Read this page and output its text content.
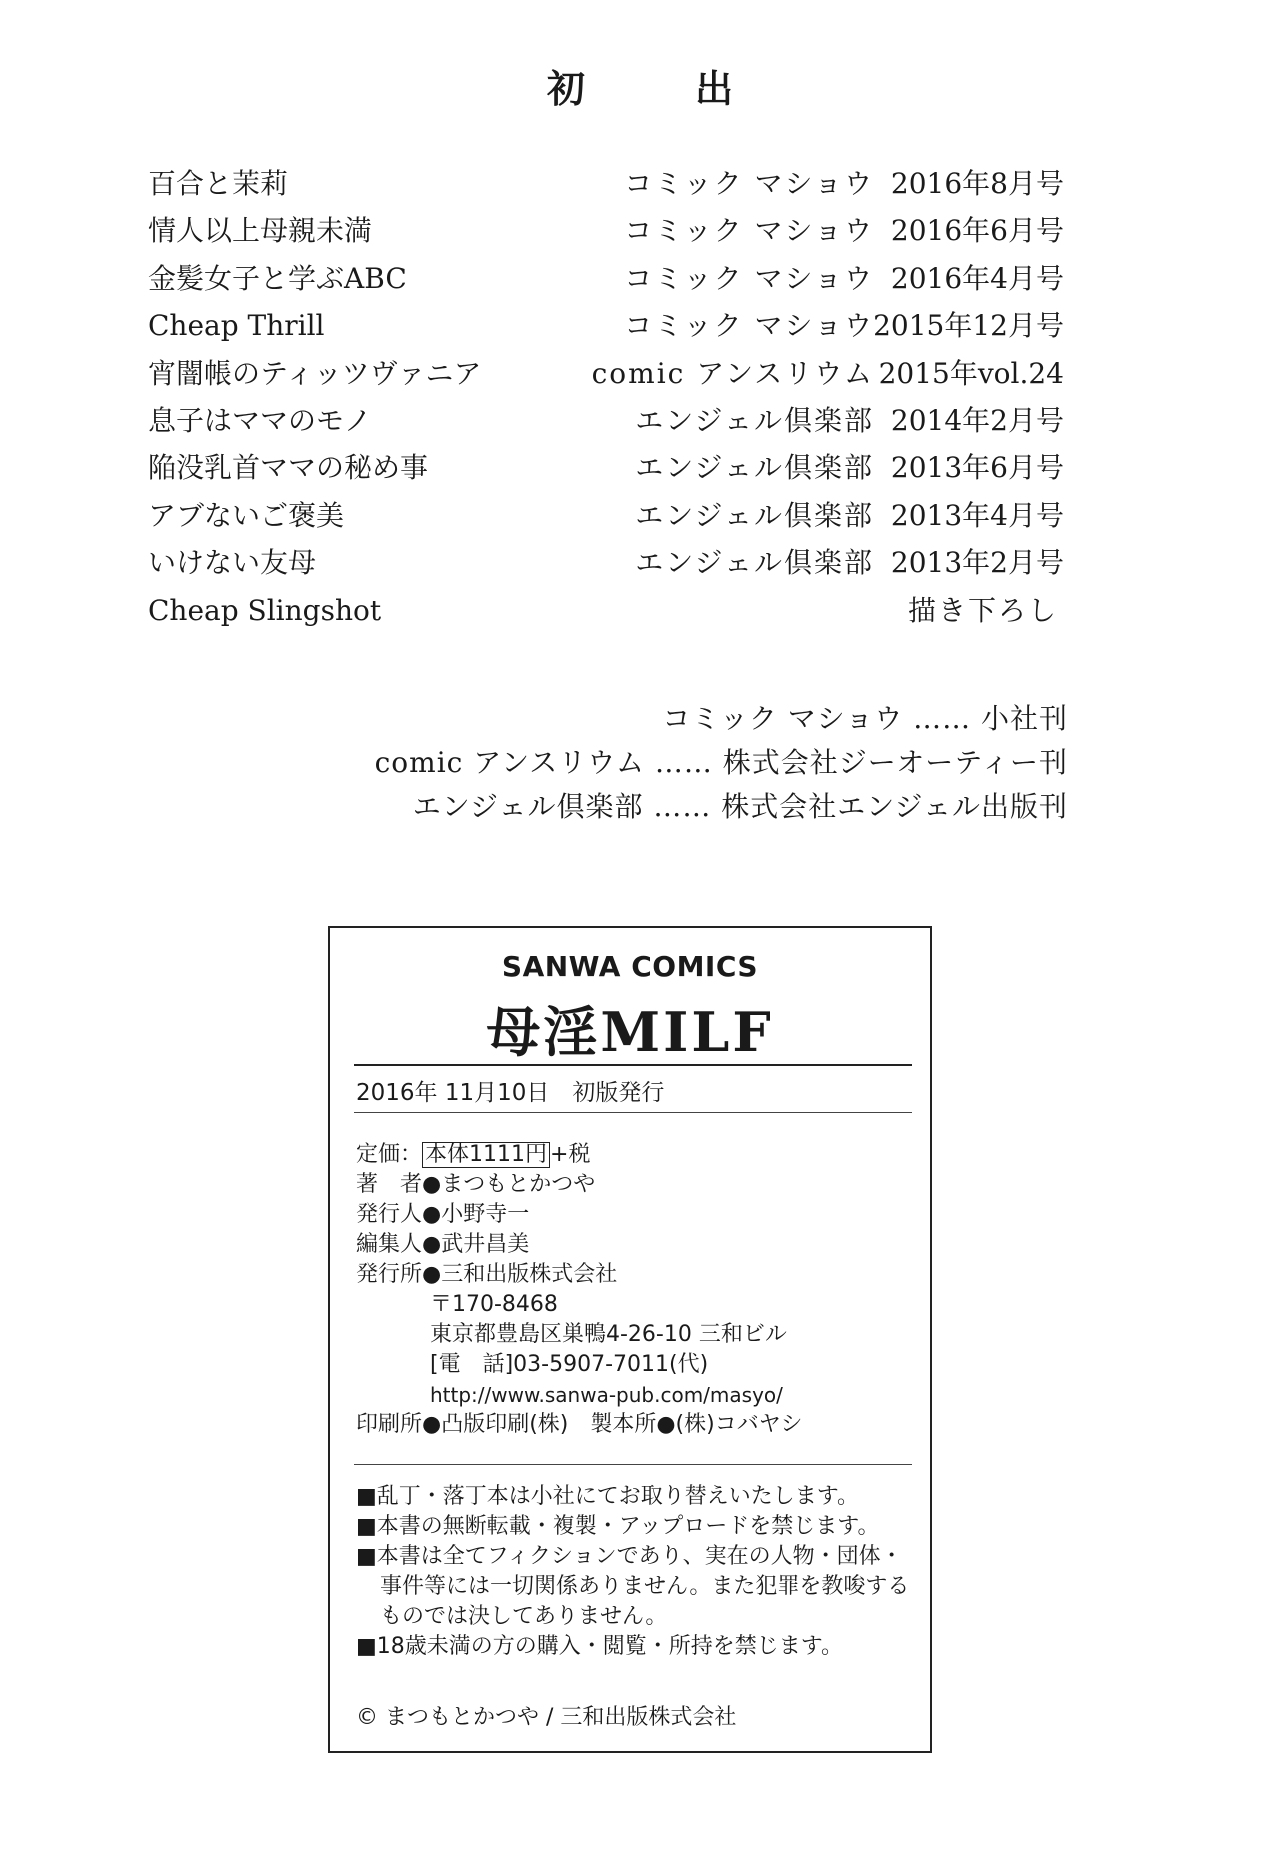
初　出
百合と茉莉	コミック マショウ 2016年8月号
情人以上母親未満	コミック マショウ 2016年6月号
金髪女子と学ぶABC	コミック マショウ 2016年4月号
Cheap Thrill	コミック マショウ 2015年12月号
宵闇帳のティッツヴァニア	comic アンスリウム 2015年vol.24
息子はママのモノ	エンジェル倶楽部 2014年2月号
陥没乳首ママの秘め事	エンジェル倶楽部 2013年6月号
アブないご褒美	エンジェル倶楽部 2013年4月号
いけない友母	エンジェル倶楽部 2013年2月号
Cheap Slingshot	描き下ろし
コミック マショウ …… 小社刊
comic アンスリウム …… 株式会社ジーオーティー刊
エンジェル倶楽部 …… 株式会社エンジェル出版刊
SANWA COMICS
母淫MILF
2016年 11月10日　初版発行
定価： 本体1111円 +税
著　者●まつもとかつや
発行人●小野寺一
編集人●武井昌美
発行所●三和出版株式会社
〒170-8468
東京都豊島区巣鴨4-26-10 三和ビル
[電　話]03-5907-7011(代)
http://www.sanwa-pub.com/masyo/
印刷所●凸版印刷(株)　製本所●(株)コバヤシ
■乱丁・落丁本は小社にてお取り替えいたします。
■本書の無断転載・複製・アップロードを禁じます。
■本書は全てフィクションであり、実在の人物・団体・事件等には一切関係ありません。また犯罪を教唆するものでは決してありません。
■18歳未満の方の購入・閲覧・所持を禁じます。
© まつもとかつや / 三和出版株式会社
